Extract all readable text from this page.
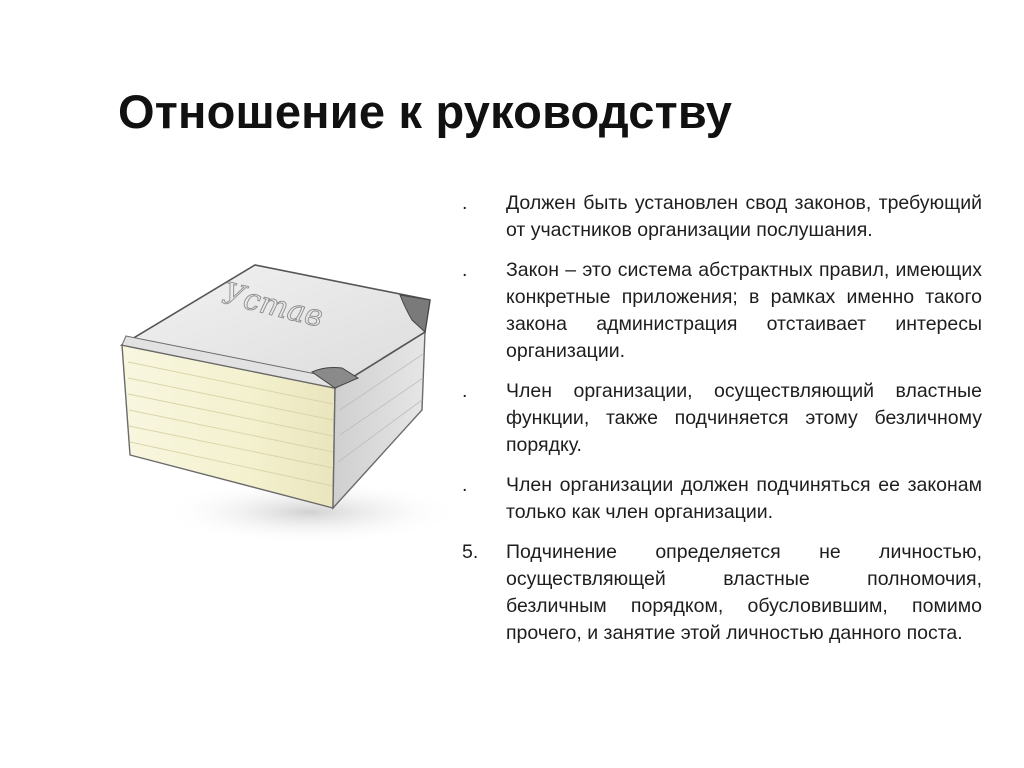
Отношение к руководству
Устав
.	Должен быть установлен свод законов, требующий от участников организации послушания.
.	Закон – это система абстрактных правил, имеющих конкретные приложения; в рамках именно такого закона администрация отстаивает интересы организации.
.	Член организации, осуществляющий властные функции, также подчиняется этому безличному порядку.
.	Член организации должен подчиняться ее законам только как член организации.
5.	Подчинение определяется не личностью, осуществляющей властные полномочия, безличным порядком, обусловившим, помимо прочего, и занятие этой личностью данного поста.
